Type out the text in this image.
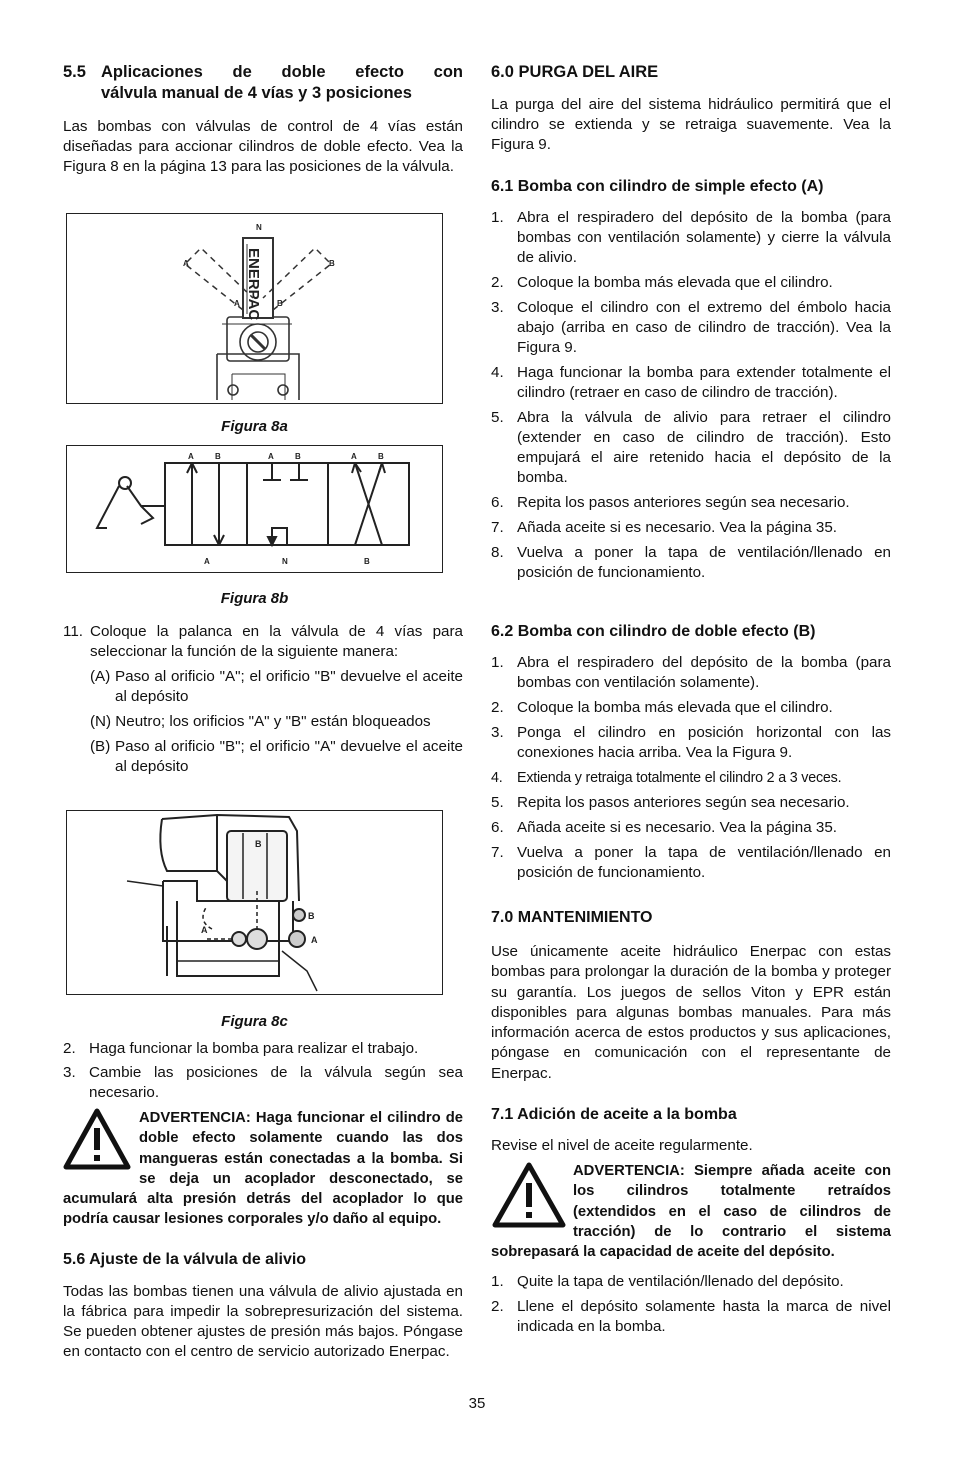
5.5 Aplicaciones de doble efecto con
válvula manual de 4 vías y 3 posiciones

Las bombas con válvulas de control de 4 vías están diseñadas para accionar cilindros de doble efecto. Vea la Figura 8 en la página 13 para las posiciones de la válvula.

ENERPAC
N
A	B
A	B
Figura 8a
A	B	A	B	A	B
A	N	B
Figura 8b
11. Coloque la palanca en la válvula de 4 vías para seleccionar la función de la siguiente manera:
(A) Paso al orificio "A"; el orificio "B" devuelve el aceite al depósito
(N) Neutro; los orificios "A" y "B" están bloqueados
(B) Paso al orificio "B"; el orificio "A" devuelve el aceite al depósito
B
A
A
B
Figura 8c
2. Haga funcionar la bomba para realizar el trabajo.
3. Cambie las posiciones de la válvula según sea necesario.
ADVERTENCIA: Haga funcionar el cilindro de doble efecto solamente cuando las dos mangueras están conectadas a la bomba. Si se deja un acoplador desconectado, se acumulará alta presión detrás del acoplador lo que podría causar lesiones corporales y/o daño al equipo.
5.6 Ajuste de la válvula de alivio

Todas las bombas tienen una válvula de alivio ajustada en la fábrica para impedir la sobrepresurización del sistema. Se pueden obtener ajustes de presión más bajos. Póngase en contacto con el centro de servicio autorizado Enerpac.

6.0 PURGA DEL AIRE

La purga del aire del sistema hidráulico permitirá que el cilindro se extienda y se retraiga suavemente. Vea la Figura 9.

6.1 Bomba con cilindro de simple efecto (A)
1. Abra el respiradero del depósito de la bomba (para bombas con ventilación solamente) y cierre la válvula de alivio.
2. Coloque la bomba más elevada que el cilindro.
3. Coloque el cilindro con el extremo del émbolo hacia abajo (arriba en caso de cilindro de tracción). Vea la Figura 9.
4. Haga funcionar la bomba para extender totalmente el cilindro (retraer en caso de cilindro de tracción).
5. Abra la válvula de alivio para retraer el cilindro (extender en caso de cilindro de tracción). Esto empujará el aire retenido hacia el depósito de la bomba.
6. Repita los pasos anteriores según sea necesario.
7. Añada aceite si es necesario. Vea la página 35.
8. Vuelva a poner la tapa de ventilación/llenado en posición de funcionamiento.
6.2 Bomba con cilindro de doble efecto (B)
1. Abra el respiradero del depósito de la bomba (para bombas con ventilación solamente).
2. Coloque la bomba más elevada que el cilindro.
3. Ponga el cilindro en posición horizontal con las conexiones hacia arriba. Vea la Figura 9.
4. Extienda y retraiga totalmente el cilindro 2 a 3 veces.
5. Repita los pasos anteriores según sea necesario.
6. Añada aceite si es necesario. Vea la página 35.
7. Vuelva a poner la tapa de ventilación/llenado en posición de funcionamiento.
7.0 MANTENIMIENTO

Use únicamente aceite hidráulico Enerpac con estas bombas para prolongar la duración de la bomba y proteger su garantía. Los juegos de sellos Viton y EPR están disponibles para algunas bombas manuales. Para más información acerca de estos productos y sus aplicaciones, póngase en comunicación con el representante de Enerpac.

7.1 Adición de aceite a la bomba

Revise el nivel de aceite regularmente.

ADVERTENCIA: Siempre añada aceite con los cilindros totalmente retraídos (extendidos en el caso de cilindros de tracción) de lo contrario el sistema sobrepasará la capacidad de aceite del depósito.
1. Quite la tapa de ventilación/llenado del depósito.
2. Llene el depósito solamente hasta la marca de nivel indicada en la bomba.
35
